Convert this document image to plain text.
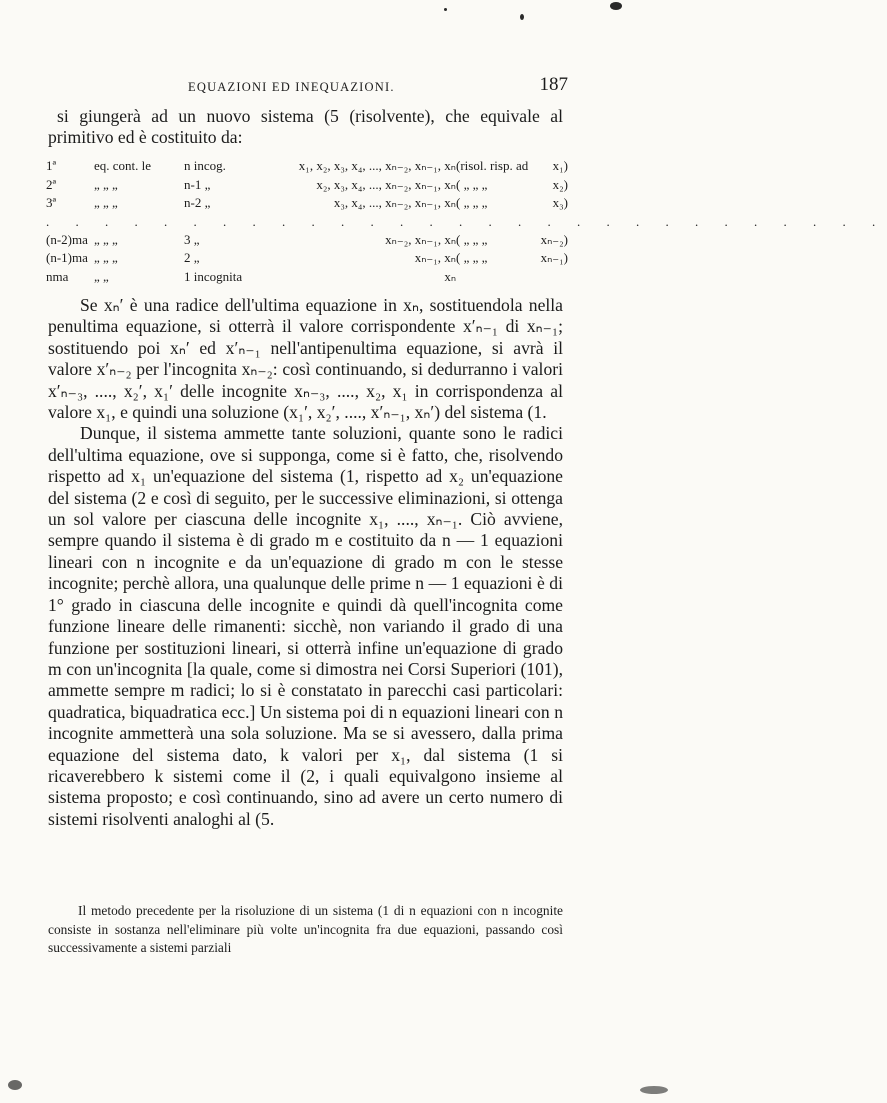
EQUAZIONI ED INEQUAZIONI.	187

si giungerà ad un nuovo sistema (5 (risolvente), che equivale al primitivo ed è costituito da:

1ª	eq. cont. le	n incog.	x₁, x₂, x₃, x₄, ..., xₙ₋₂, xₙ₋₁, xₙ (risol. risp. ad x₁)
2ª	„ „ „	n-1 „	x₂, x₃, x₄, ..., xₙ₋₂, xₙ₋₁, xₙ ( „ „ „	x₂)
3ª	„ „ „	n-2 „	x₃, x₄, ..., xₙ₋₂, xₙ₋₁, xₙ ( „ „ „	x₃)
. . . . . . . . . . . . . . . . . . . . . . . . . . . . .
(n-2)ma „ „ „	3 „	xₙ₋₂, xₙ₋₁, xₙ ( „ „ „	xₙ₋₂)
(n-1)ma „ „ „	2 „	xₙ₋₁, xₙ ( „ „ „	xₙ₋₁)
nma „ „	1 incognita	xₙ

Se xₙ′ è una radice dell'ultima equazione in xₙ, sostituendola nella penultima equazione, si otterrà il valore corrispondente x′ₙ₋₁ di xₙ₋₁; sostituendo poi xₙ′ ed x′ₙ₋₁ nell'antipenultima equazione, si avrà il valore x′ₙ₋₂ per l'incognita xₙ₋₂: così continuando, si dedurranno i valori x′ₙ₋₃, ...., x₂′, x₁′ delle incognite xₙ₋₃, ...., x₂, x₁ in corrispondenza al valore x₁, e quindi una soluzione (x₁′, x₂′, ...., x′ₙ₋₁, xₙ′) del sistema (1.

Dunque, il sistema ammette tante soluzioni, quante sono le radici dell'ultima equazione, ove si supponga, come si è fatto, che, risolvendo rispetto ad x₁ un'equazione del sistema (1, rispetto ad x₂ un'equazione del sistema (2 e così di seguito, per le successive eliminazioni, si ottenga un sol valore per ciascuna delle incognite x₁, ...., xₙ₋₁. Ciò avviene, sempre quando il sistema è di grado m e costituito da n — 1 equazioni lineari con n incognite e da un'equazione di grado m con le stesse incognite; perchè allora, una qualunque delle prime n — 1 equazioni è di 1° grado in ciascuna delle incognite e quindi dà quell'incognita come funzione lineare delle rimanenti: sicchè, non variando il grado di una funzione per sostituzioni lineari, si otterrà infine un'equazione di grado m con un'incognita [la quale, come si dimostra nei Corsi Superiori (101), ammette sempre m radici; lo si è constatato in parecchi casi particolari: quadratica, biquadratica ecc.] Un sistema poi di n equazioni lineari con n incognite ammetterà una sola soluzione. Ma se si avessero, dalla prima equazione del sistema dato, k valori per x₁, dal sistema (1 si ricaverebbero k sistemi come il (2, i quali equivalgono insieme al sistema proposto; e così continuando, sino ad avere un certo numero di sistemi risolventi analoghi al (5.

Il metodo precedente per la risoluzione di un sistema (1 di n equazioni con n incognite consiste in sostanza nell'eliminare più volte un'incognita fra due equazioni, passando così successivamente a sistemi parziali
